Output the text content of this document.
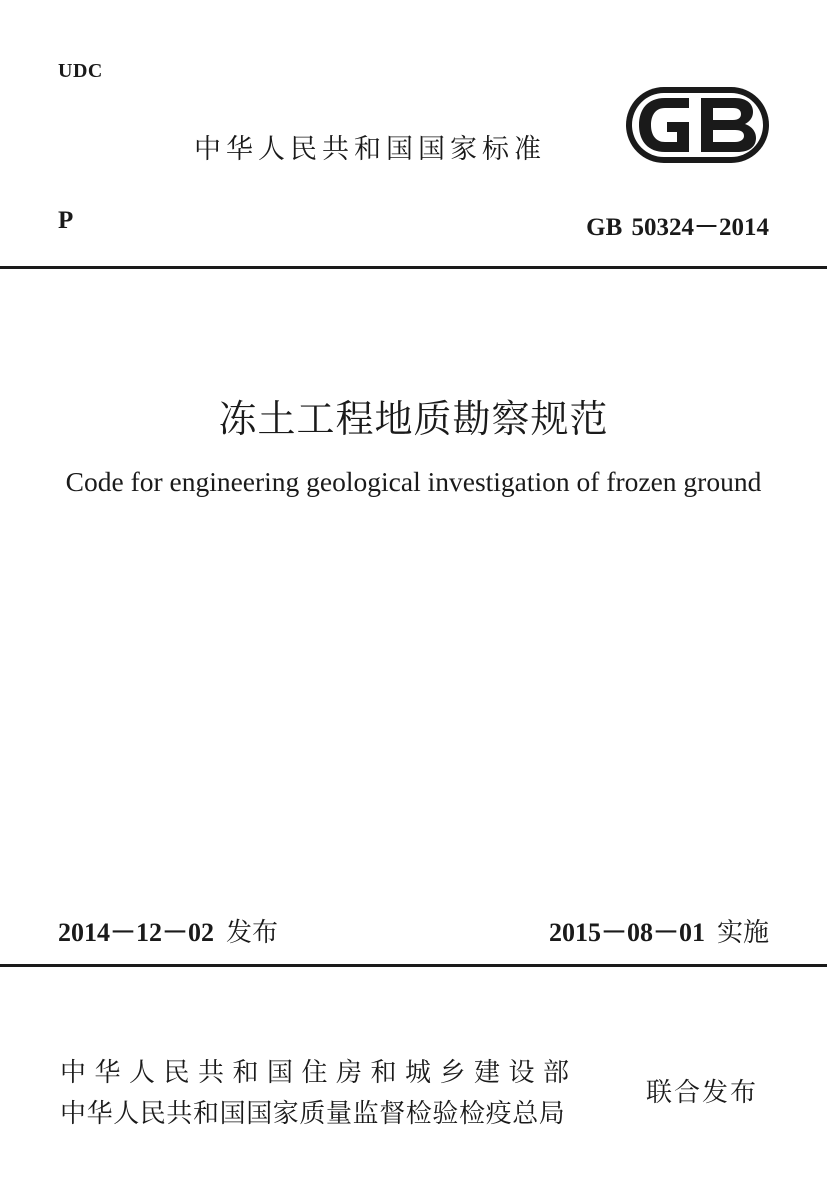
UDC
中华人民共和国国家标准
P	GB 50324－2014
冻土工程地质勘察规范
Code for engineering geological investigation of frozen ground
2014－12－02 发布	2015－08－01 实施
中华人民共和国住房和城乡建设部
中华人民共和国国家质量监督检验检疫总局
联合发布
